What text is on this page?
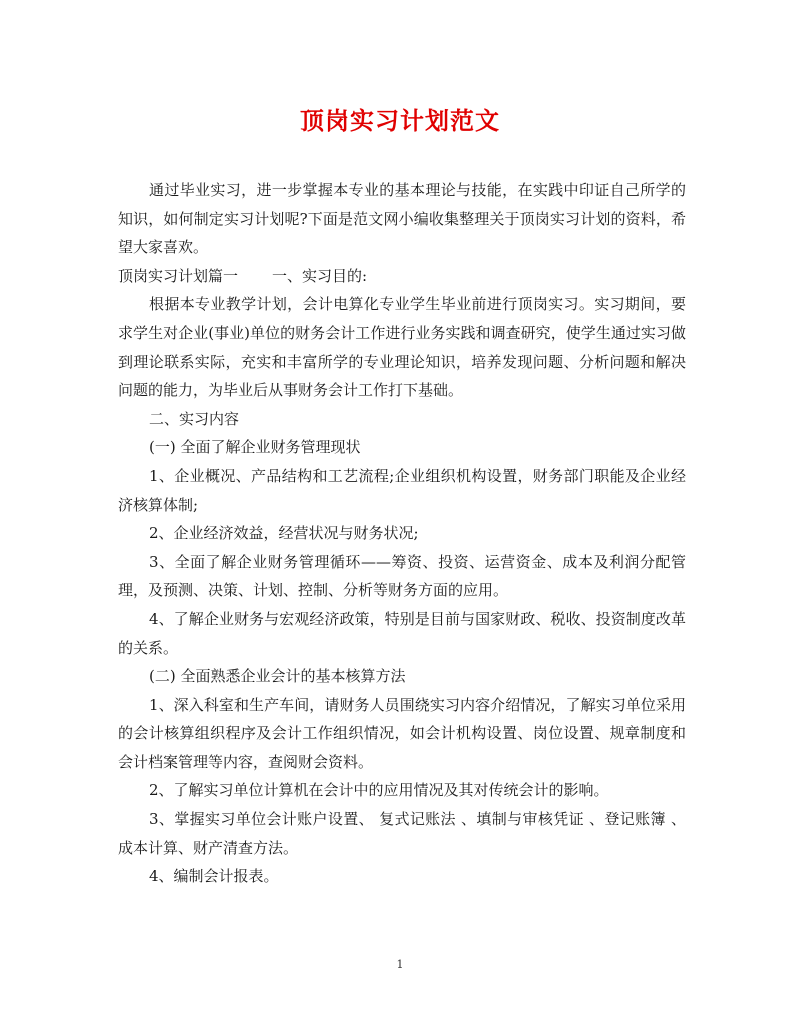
顶岗实习计划范文

通过毕业实习，进一步掌握本专业的基本理论与技能，在实践中印证自己所学的知识，如何制定实习计划呢?下面是范文网小编收集整理关于顶岗实习计划的资料，希望大家喜欢。

顶岗实习计划篇一 一、实习目的:

根据本专业教学计划，会计电算化专业学生毕业前进行顶岗实习。实习期间，要求学生对企业(事业)单位的财务会计工作进行业务实践和调查研究，使学生通过实习做到理论联系实际，充实和丰富所学的专业理论知识，培养发现问题、分析问题和解决问题的能力，为毕业后从事财务会计工作打下基础。

二、实习内容

(一) 全面了解企业财务管理现状

1、企业概况、产品结构和工艺流程;企业组织机构设置，财务部门职能及企业经济核算体制;

2、企业经济效益，经营状况与财务状况;

3、全面了解企业财务管理循环——筹资、投资、运营资金、成本及利润分配管理，及预测、决策、计划、控制、分析等财务方面的应用。

4、了解企业财务与宏观经济政策，特别是目前与国家财政、税收、投资制度改革的关系。

(二) 全面熟悉企业会计的基本核算方法

1、深入科室和生产车间，请财务人员围绕实习内容介绍情况，了解实习单位采用的会计核算组织程序及会计工作组织情况，如会计机构设置、岗位设置、规章制度和会计档案管理等内容，查阅财会资料。

2、了解实习单位计算机在会计中的应用情况及其对传统会计的影响。

3、掌握实习单位会计账户设置、 复式记账法 、填制与审核凭证 、登记账簿 、成本计算、财产清查方法。

4、编制会计报表。

1
